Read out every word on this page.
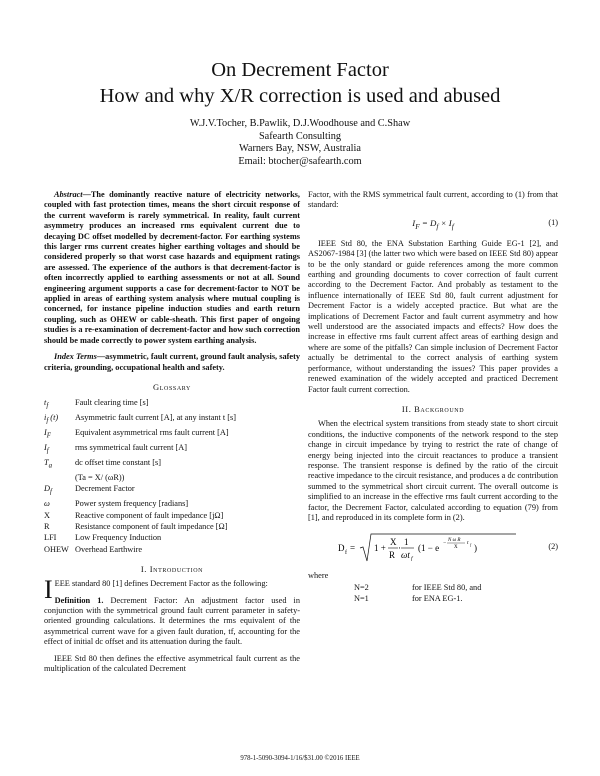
On Decrement Factor
How and why X/R correction is used and abused
W.J.V.Tocher, B.Pawlik, D.J.Woodhouse and C.Shaw
Safearth Consulting
Warners Bay, NSW, Australia
Email: btocher@safearth.com

Abstract—The dominantly reactive nature of electricity networks, coupled with fast protection times, means the short circuit response of the current waveform is rarely symmetrical. In reality, fault current asymmetry produces an increased rms equivalent current due to decaying DC offset modelled by decrement-factor. For earthing systems this larger rms current creates higher earthing voltages and should be considered properly so that worst case hazards and equipment ratings are assessed. The experience of the authors is that decrement-factor is often incorrectly applied to earthing assessments or not at all. Sound engineering argument supports a case for decrement-factor to NOT be applied in areas of earthing system analysis where mutual coupling is concerned, for instance pipeline induction studies and earth return coupling, such as OHEW or cable-sheath. This first paper of ongoing studies is a re-examination of decrement-factor and how such correction should be made correctly to power system earthing analysis.

Index Terms—asymmetric, fault current, ground fault analysis, safety criteria, grounding, occupational health and safety.

Glossary
$t_f$	Fault clearing time [s]
$i_f$ (t)	Asymmetric fault current [A], at any instant t [s]
$I_F$	Equivalent asymmetrical rms fault current [A]
$I_f$	rms symmetrical fault current [A]
$T_a$	dc offset time constant [s]
	(Ta = X/ (ωR))
$D_f$	Decrement Factor
ω	Power system frequency [radians]
X	Reactive component of fault impedance [jΩ]
R	Resistance component of fault impedance [Ω]
LFI	Low Frequency Induction
OHEW	Overhead Earthwire
I. Introduction

IEEE standard 80 [1] defines Decrement Factor as the following:

Definition 1. Decrement Factor: An adjustment factor used in conjunction with the symmetrical ground fault current parameter in safety-oriented grounding calculations. It determines the rms equivalent of the asymmetrical current wave for a given fault duration, tf, accounting for the effect of initial dc offset and its attenuation during the fault.

IEEE Std 80 then defines the effective asymmetrical fault current as the multiplication of the calculated Decrement

Factor, with the RMS symmetrical fault current, according to (1) from that standard:

$I_F = D_f \times I_f$	(1)

IEEE Std 80, the ENA Substation Earthing Guide EG-1 [2], and AS2067-1984 [3] (the latter two which were based on IEEE Std 80) appear to be the only standard or guide references among the more common earthing and grounding documents to cover correction of fault current according to the Decrement Factor. And probably as testament to the influence internationally of IEEE Std 80, fault current adjustment for Decrement Factor is a widely accepted practice. But what are the implications of Decrement Factor and fault current asymmetry and how well understood are the associated impacts and effects? How does the increase in effective rms fault current affect areas of earthing design and where are some of the pitfalls? Can simple inclusion of Decrement Factor actually be detrimental to the correct analysis of earthing system performance, without understanding the issues? This paper provides a renewed examination of the widely accepted and practiced Decrement Factor fault current correction.

II. Background

When the electrical system transitions from steady state to short circuit conditions, the inductive components of the network respond to the step change in circuit impedance by trying to restrict the rate of change of energy being injected into the circuit reactances to produce a transient response. The transient response is defined by the ratio of the circuit reactive impedance to the circuit resistance, and produces a dc contribution summed to the symmetrical short circuit current. The overall outcome is simplified to an increase in the effective rms fault current according to the factor, the Decrement Factor, calculated according to equation (79) from [1], and reproduced in its complete form in (2).

D f = 1 +
X
R
·
1
ωt f
(1 − e − N ω R
X
t f )	(2)

where

N=2	for IEEE Std 80, and
N=1	for ENA EG-1.
978-1-5090-3094-1/16/$31.00 ©2016 IEEE
